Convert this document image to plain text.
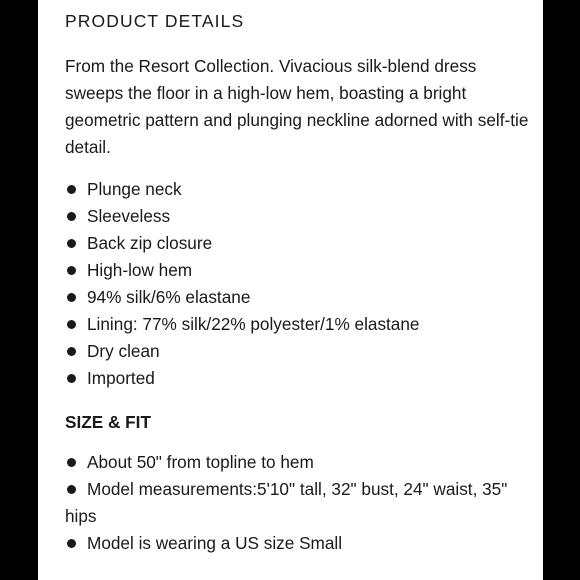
PRODUCT DETAILS

From the Resort Collection. Vivacious silk-blend dress sweeps the floor in a high-low hem, boasting a bright geometric pattern and plunging neckline adorned with self-tie detail.

Plunge neck
Sleeveless
Back zip closure
High-low hem
94% silk/6% elastane
Lining: 77% silk/22% polyester/1% elastane
Dry clean
Imported
SIZE & FIT
About 50" from topline to hem
Model measurements:5'10" tall, 32" bust, 24" waist, 35" hips
Model is wearing a US size Small
